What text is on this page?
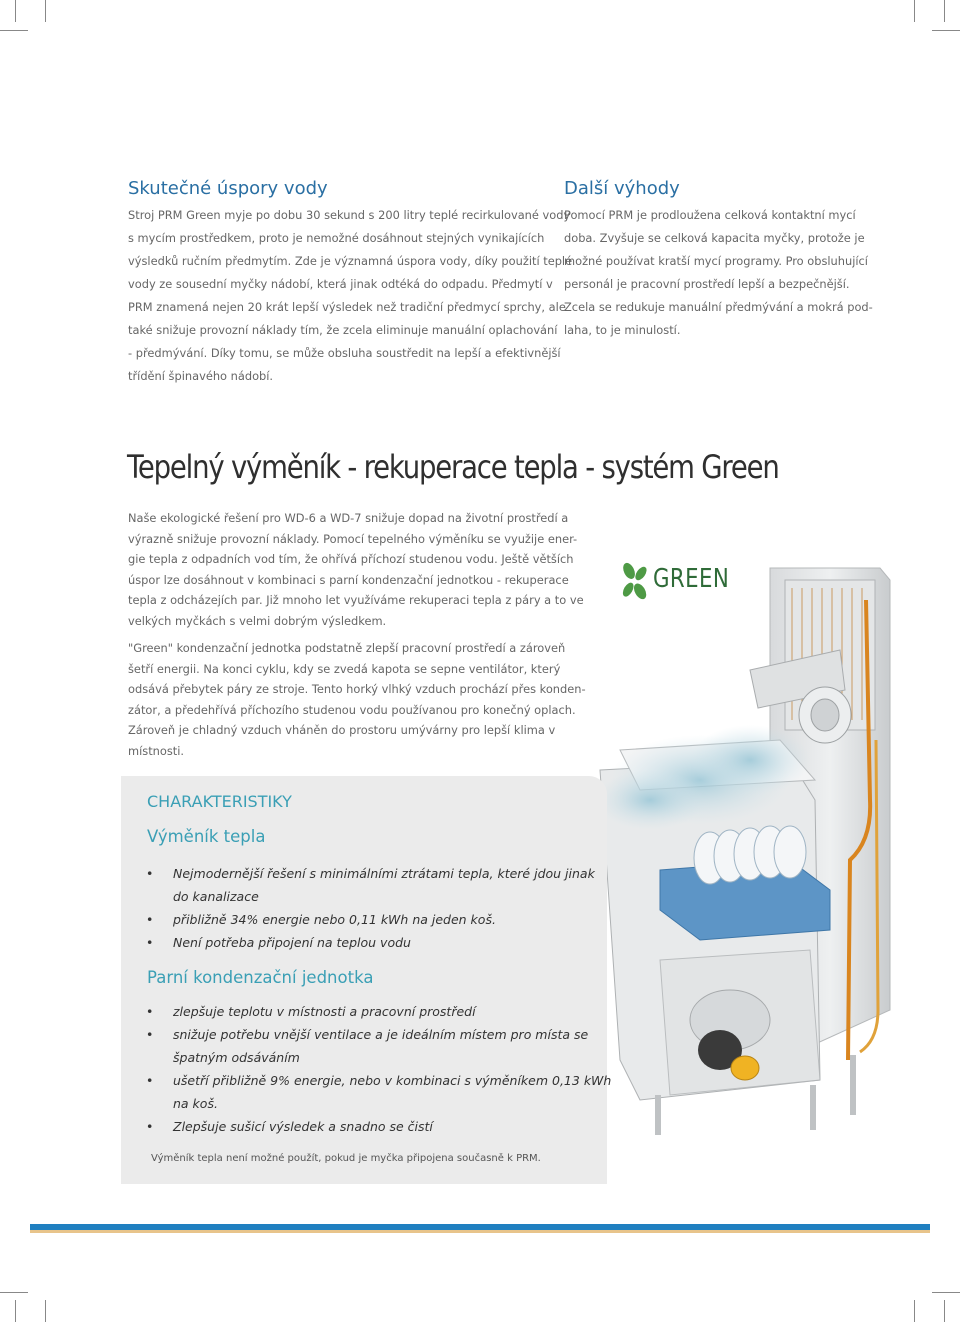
Skutečné úspory vody
Stroj PRM Green myje po dobu 30 sekund s 200 litry teplé recirkulované vody
s mycím prostředkem, proto je nemožné dosáhnout stejných vynikajících
výsledků ručním předmytím. Zde je významná úspora vody, díky použití teplé
vody ze sousední myčky nádobí, která jinak odtéká do odpadu. Předmytí v
PRM znamená nejen 20 krát lepší výsledek než tradiční předmycí sprchy, ale
také snižuje provozní náklady tím, že zcela eliminuje manuální oplachování
- předmývání. Díky tomu, se může obsluha soustředit na lepší a efektivnější
třídění špinavého nádobí.
Další výhody
Pomocí PRM je prodloužena celková kontaktní mycí
doba. Zvyšuje se celková kapacita myčky, protože je
možné používat kratší mycí programy. Pro obsluhující
personál je pracovní prostředí lepší a bezpečnější.
Zcela se redukuje manuální předmývání a mokrá pod-
laha, to je minulostí.
Tepelný výměník - rekuperace tepla - systém Green
Naše ekologické řešení pro WD-6 a WD-7 snižuje dopad na životní prostředí a
výrazně snižuje provozní náklady. Pomocí tepelného výměníku se využije ener-
gie tepla z odpadních vod tím, že ohřívá příchozí studenou vodu. Ještě větších
úspor lze dosáhnout v kombinaci s parní kondenzační jednotkou - rekuperace
tepla z odcházejích par. Již mnoho let využíváme rekuperaci tepla z páry a to ve
velkých myčkách s velmi dobrým výsledkem.
"Green" kondenzační jednotka podstatně zlepší pracovní prostředí a zároveň
šetří energii. Na konci cyklu, kdy se zvedá kapota se sepne ventilátor, který
odsává přebytek páry ze stroje. Tento horký vlhký vzduch prochází přes konden-
zátor, a předehřívá příchozího studenou vodu používanou pro konečný oplach.
Zároveň je chladný vzduch vháněn do prostoru umývárny pro lepší klima v
místnosti.
GREEN
CHARAKTERISTIKY
Výměník tepla
• Nejmodernější řešení s minimálními ztrátami tepla, které jdou jinak
do kanalizace
• přibližně 34% energie nebo 0,11 kWh na jeden koš.
• Není potřeba připojení na teplou vodu
Parní kondenzační jednotka
• zlepšuje teplotu v místnosti a pracovní prostředí
• snižuje potřebu vnější ventilace a je ideálním místem pro místa se
špatným odsáváním
• ušetří přibližně 9% energie, nebo v kombinaci s výměníkem 0,13 kWh
na koš.
• Zlepšuje sušicí výsledek a snadno se čistí

Výměník tepla není možné použít, pokud je myčka připojena současně k PRM.
